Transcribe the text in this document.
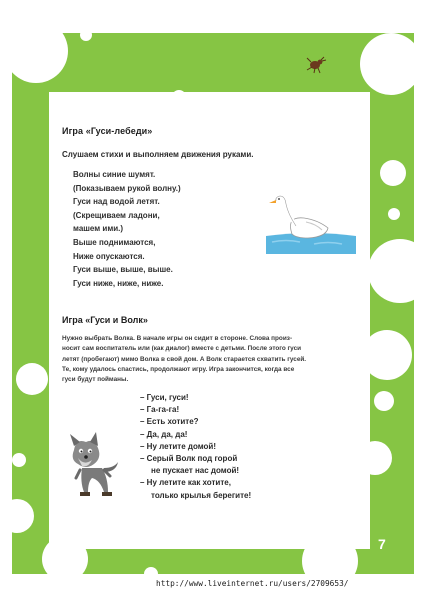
Игра «Гуси-лебеди»
Слушаем стихи и выполняем движения руками.
Волны синие шумят.
(Показываем рукой волну.)
Гуси над водой летят.
(Скрещиваем ладони,
машем ими.)
Выше поднимаются,
Ниже опускаются.
Гуси выше, выше, выше.
Гуси ниже, ниже, ниже.
Игра «Гуси и Волк»

Нужно выбрать Волка. В начале игры он сидит в стороне. Слова произ-

носит сам воспитатель или (как диалог) вместе с детьми. После этого гуси

летят (пробегают) мимо Волка в свой дом. А Волк старается схватить гусей.

Те, кому удалось спастись, продолжают игру. Игра закончится, когда все

гуси будут пойманы.

– Гуси, гуси!
– Га-га-га!
– Есть хотите?
– Да, да, да!
– Ну летите домой!
– Серый Волк под горой
не пускает нас домой!
– Ну летите как хотите,
только крылья берегите!
7
http://www.liveinternet.ru/users/2709653/
